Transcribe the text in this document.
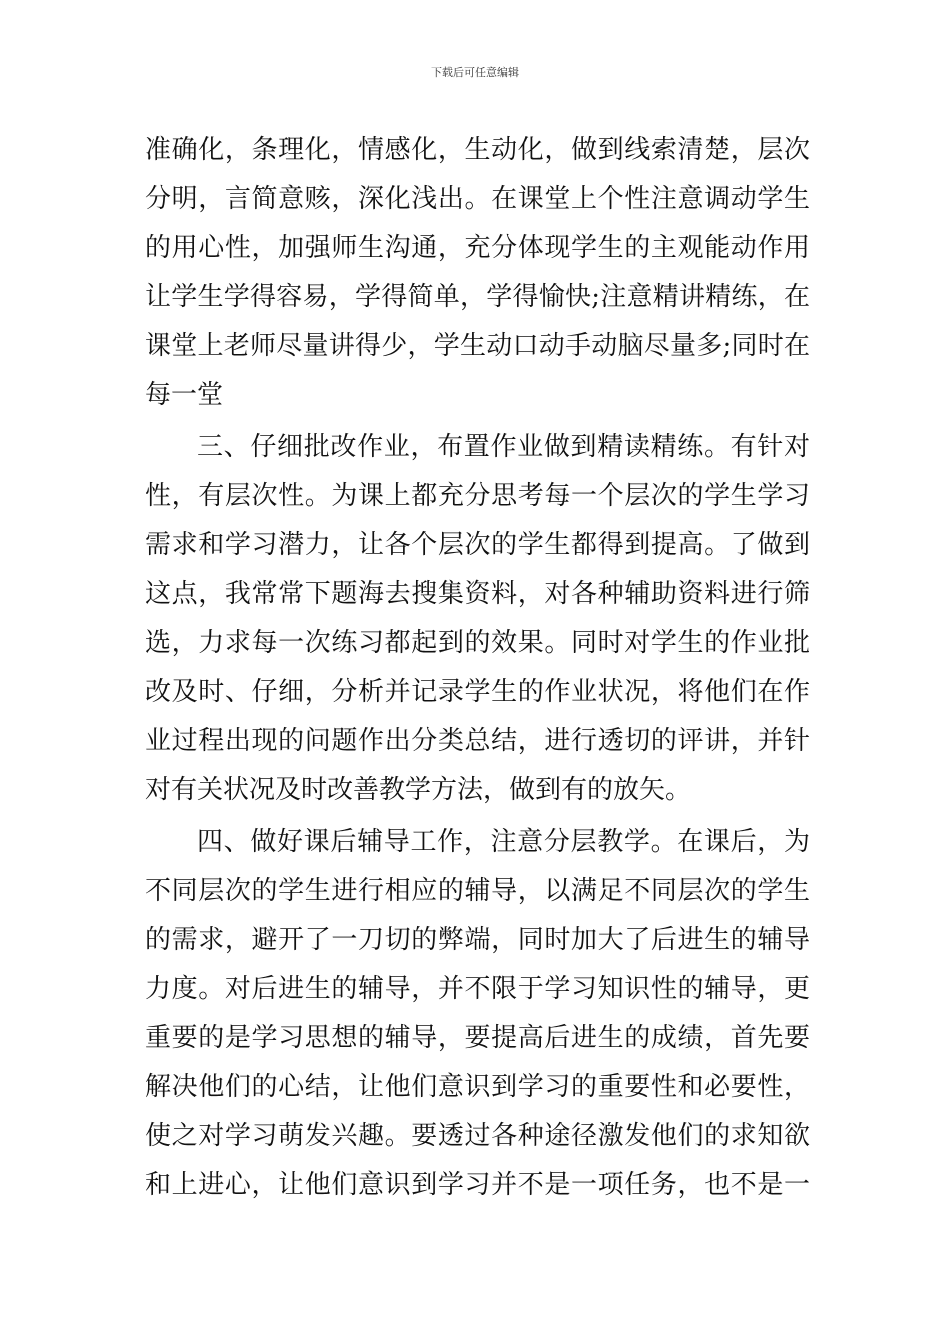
下载后可任意编辑
准确化，条理化，情感化，生动化，做到线索清楚，层次
分明，言简意赅，深化浅出。在课堂上个性注意调动学生
的用心性，加强师生沟通，充分体现学生的主观能动作用
让学生学得容易，学得简单，学得愉快;注意精讲精练，在
课堂上老师尽量讲得少，学生动口动手动脑尽量多;同时在
每一堂
三、仔细批改作业，布置作业做到精读精练。有针对
性，有层次性。为课上都充分思考每一个层次的学生学习
需求和学习潜力，让各个层次的学生都得到提高。了做到
这点，我常常下题海去搜集资料，对各种辅助资料进行筛
选，力求每一次练习都起到的效果。同时对学生的作业批
改及时、仔细，分析并记录学生的作业状况，将他们在作
业过程出现的问题作出分类总结，进行透切的评讲，并针
对有关状况及时改善教学方法，做到有的放矢。
四、做好课后辅导工作，注意分层教学。在课后，为
不同层次的学生进行相应的辅导，以满足不同层次的学生
的需求，避开了一刀切的弊端，同时加大了后进生的辅导
力度。对后进生的辅导，并不限于学习知识性的辅导，更
重要的是学习思想的辅导，要提高后进生的成绩，首先要
解决他们的心结，让他们意识到学习的重要性和必要性，
使之对学习萌发兴趣。要透过各种途径激发他们的求知欲
和上进心，让他们意识到学习并不是一项任务，也不是一
